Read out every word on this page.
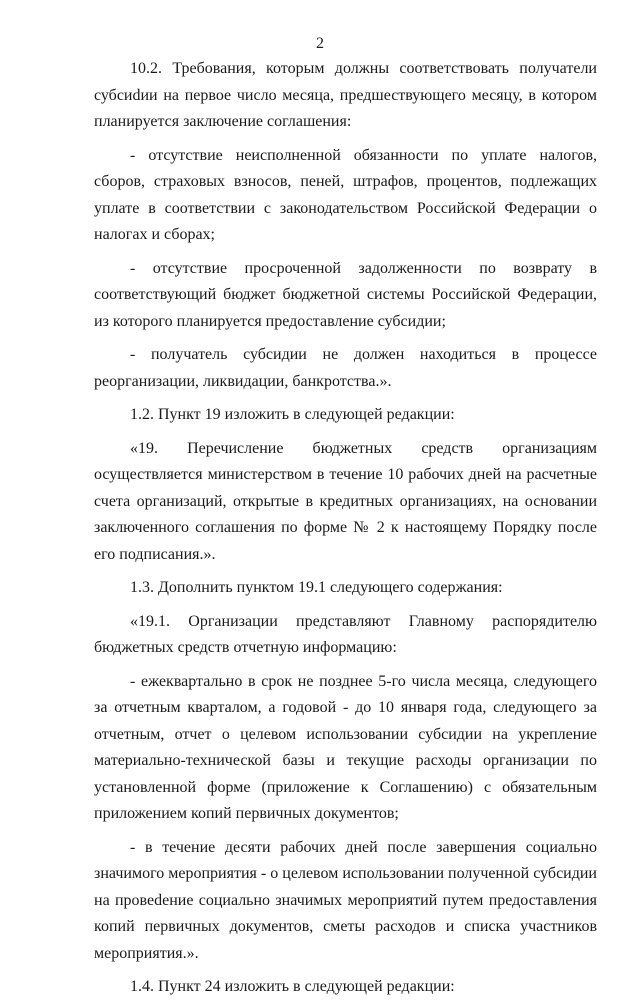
2

10.2. Требования, которым должны соответствовать получатели субсиdии на первое число месяца, предшествующего месяцу, в котором планируется заключение соглашения:

- отсутствие неисполненной обязанности по уплате налогов, сборов, страховых взносов, пеней, штрафов, процентов, подлежащих уплате в соответствии с законодательством Российской Федерации о налогах и сборах;

- отсутствие просроченной задолженности по возврату в соответствующий бюджет бюджетной системы Российской Федерации, из которого планируется предоставление субсидии;

- получатель субсидии не должен находиться в процессе реорганизации, ликвидации, банкротства.».

1.2. Пункт 19 изложить в следующей редакции:

«19. Перечисление бюджетных средств организациям осуществляется министерством в течение 10 рабочих дней на расчетные счета организаций, открытые в кредитных организациях, на основании заключенного соглашения по форме № 2 к настоящему Порядку после его подписания.».

1.3. Дополнить пунктом 19.1 следующего содержания:

«19.1. Организации представляют Главному распорядителю бюджетных средств отчетную информацию:

- ежеквартально в срок не позднее 5-го числа месяца, следующего за отчетным кварталом, а годовой - до 10 января года, следующего за отчетным, отчет о целевом использовании субсидии на укрепление материально-технической базы и текущие расходы организации по установленной форме (приложение к Соглашению) с обязательным приложением копий первичных документов;

- в течение десяти рабочих дней после завершения социально значимого мероприятия - о целевом использовании полученной субсидии на провеdение социально значимых мероприятий путем предоставления копий первичных документов, сметы расходов и списка участников мероприятия.».

1.4. Пункт 24 изложить в следующей редакции:
